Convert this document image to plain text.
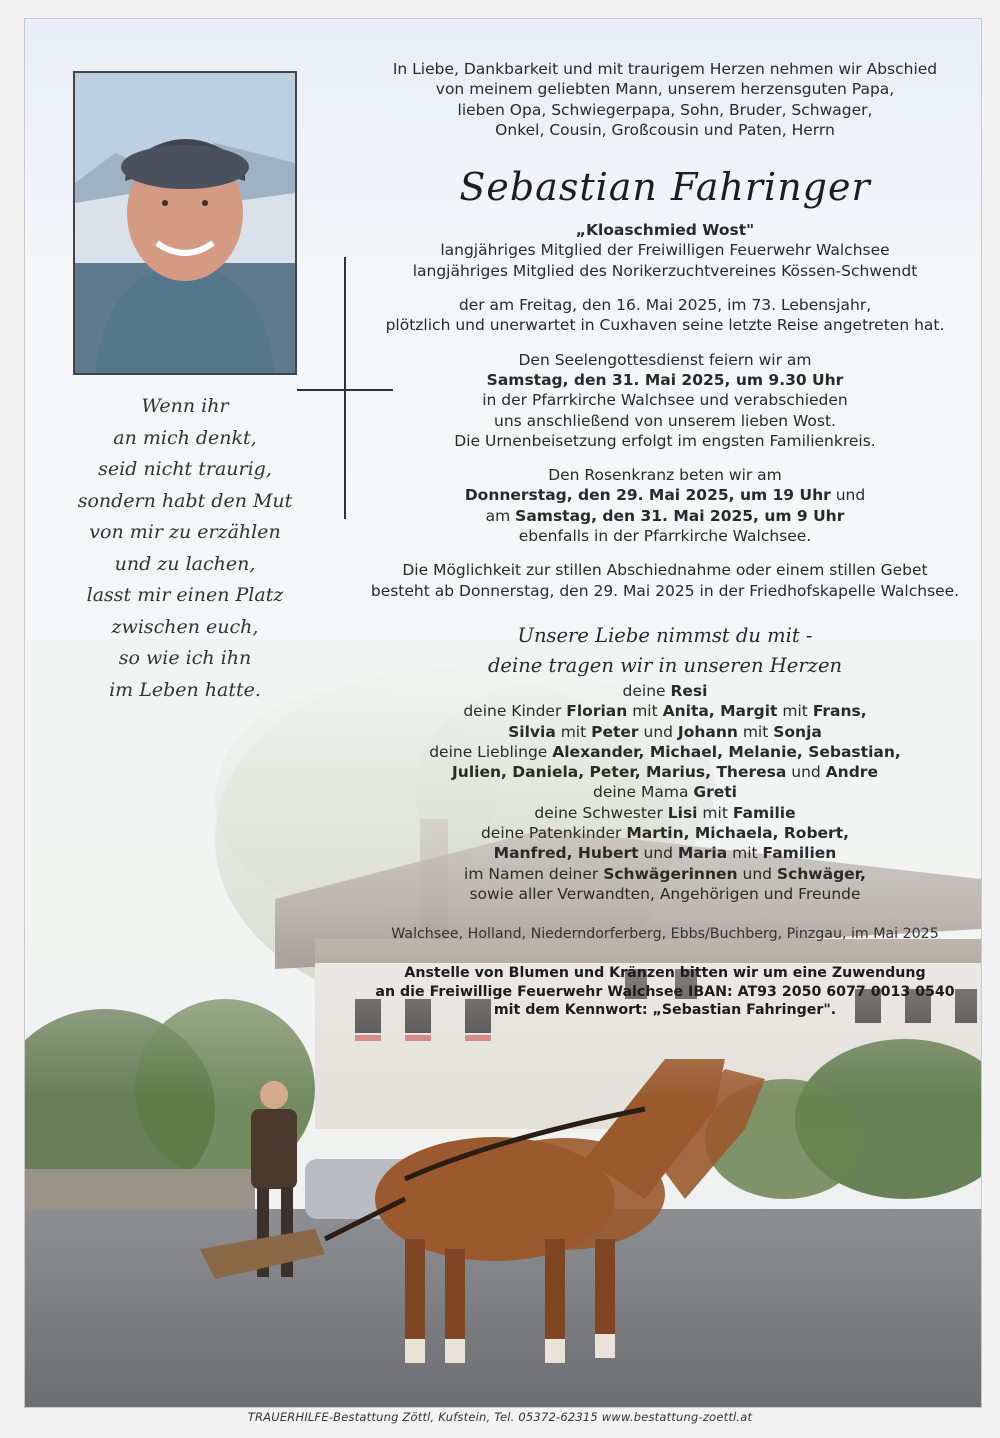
Wenn ihr
an mich denkt,
seid nicht traurig,
sondern habt den Mut
von mir zu erzählen
und zu lachen,
lasst mir einen Platz
zwischen euch,
so wie ich ihn
im Leben hatte.
In Liebe, Dankbarkeit und mit traurigem Herzen nehmen wir Abschied
von meinem geliebten Mann, unserem herzensguten Papa,
lieben Opa, Schwiegerpapa, Sohn, Bruder, Schwager,
Onkel, Cousin, Großcousin und Paten, Herrn
Sebastian Fahringer
„Kloaschmied Wost"
langjähriges Mitglied der Freiwilligen Feuerwehr Walchsee
langjähriges Mitglied des Norikerzuchtvereines Kössen-Schwendt
der am Freitag, den 16. Mai 2025, im 73. Lebensjahr,
plötzlich und unerwartet in Cuxhaven seine letzte Reise angetreten hat.
Den Seelengottesdienst feiern wir am
Samstag, den 31. Mai 2025, um 9.30 Uhr
in der Pfarrkirche Walchsee und verabschieden
uns anschließend von unserem lieben Wost.
Die Urnenbeisetzung erfolgt im engsten Familienkreis.
Den Rosenkranz beten wir am
Donnerstag, den 29. Mai 2025, um 19 Uhr und
am Samstag, den 31. Mai 2025, um 9 Uhr
ebenfalls in der Pfarrkirche Walchsee.
Die Möglichkeit zur stillen Abschiednahme oder einem stillen Gebet
besteht ab Donnerstag, den 29. Mai 2025 in der Friedhofskapelle Walchsee.
Unsere Liebe nimmst du mit -
deine tragen wir in unseren Herzen
deine Resi
deine Kinder Florian mit Anita, Margit mit Frans,
Silvia mit Peter und Johann mit Sonja
deine Lieblinge Alexander, Michael, Melanie, Sebastian,
Julien, Daniela, Peter, Marius, Theresa und Andre
deine Mama Greti
deine Schwester Lisi mit Familie
deine Patenkinder Martin, Michaela, Robert,
Manfred, Hubert und Maria mit Familien
im Namen deiner Schwägerinnen und Schwäger,
sowie aller Verwandten, Angehörigen und Freunde
Walchsee, Holland, Niederndorferberg, Ebbs/Buchberg, Pinzgau, im Mai 2025
Anstelle von Blumen und Kränzen bitten wir um eine Zuwendung
an die Freiwillige Feuerwehr Walchsee IBAN: AT93 2050 6077 0013 0540
mit dem Kennwort: „Sebastian Fahringer".
TRAUERHILFE-Bestattung Zöttl, Kufstein, Tel. 05372-62315 www.bestattung-zoettl.at
